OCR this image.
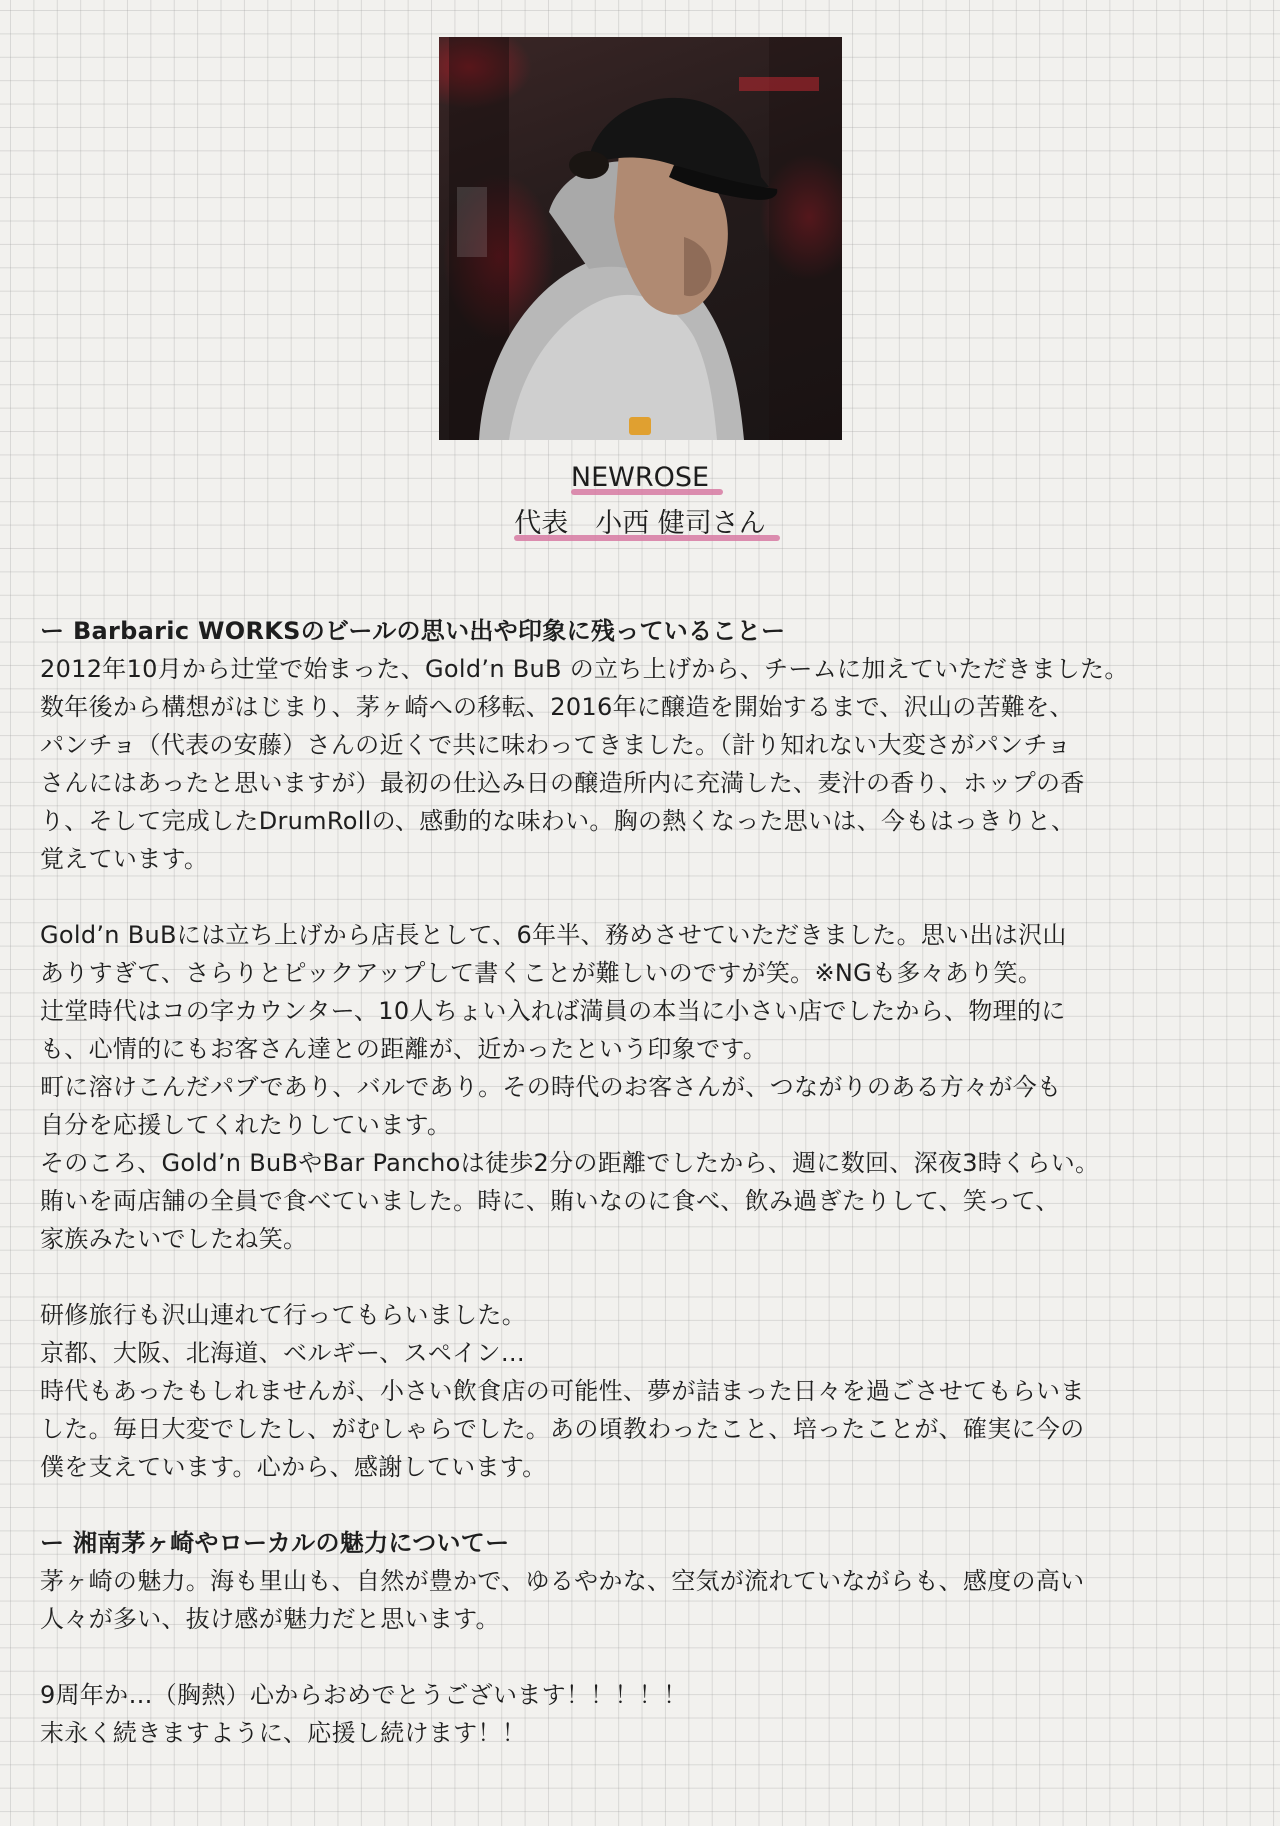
NEWROSE
代表　小西 健司さん

ー Barbaric WORKSのビールの思い出や印象に残っていることー

2012年10月から辻堂で始まった、Gold’n BuB の立ち上げから、チームに加えていただきました。
数年後から構想がはじまり、茅ヶ崎への移転、2016年に醸造を開始するまで、沢山の苦難を、
パンチョ（代表の安藤）さんの近くで共に味わってきました。（計り知れない大変さがパンチョ
さんにはあったと思いますが）最初の仕込み日の醸造所内に充満した、麦汁の香り、ホップの香
り、そして完成したDrumRollの、感動的な味わい。胸の熱くなった思いは、今もはっきりと、
覚えています。

Gold’n BuBには立ち上げから店長として、6年半、務めさせていただきました。思い出は沢山
ありすぎて、さらりとピックアップして書くことが難しいのですが笑。※NGも多々あり笑。
辻堂時代はコの字カウンター、10人ちょい入れば満員の本当に小さい店でしたから、物理的に
も、心情的にもお客さん達との距離が、近かったという印象です。
町に溶けこんだパブであり、バルであり。その時代のお客さんが、つながりのある方々が今も
自分を応援してくれたりしています。
そのころ、Gold’n BuBやBar Panchoは徒歩2分の距離でしたから、週に数回、深夜3時くらい。
賄いを両店舗の全員で食べていました。時に、賄いなのに食べ、飲み過ぎたりして、笑って、
家族みたいでしたね笑。

研修旅行も沢山連れて行ってもらいました。
京都、大阪、北海道、ベルギー、スペイン…
時代もあったもしれませんが、小さい飲食店の可能性、夢が詰まった日々を過ごさせてもらいま
した。毎日大変でしたし、がむしゃらでした。あの頃教わったこと、培ったことが、確実に今の
僕を支えています。心から、感謝しています。

ー 湘南茅ヶ崎やローカルの魅力についてー

茅ヶ崎の魅力。海も里山も、自然が豊かで、ゆるやかな、空気が流れていながらも、感度の高い
人々が多い、抜け感が魅力だと思います。

9周年か…（胸熱）心からおめでとうございます！！！！！
末永く続きますように、応援し続けます！！
